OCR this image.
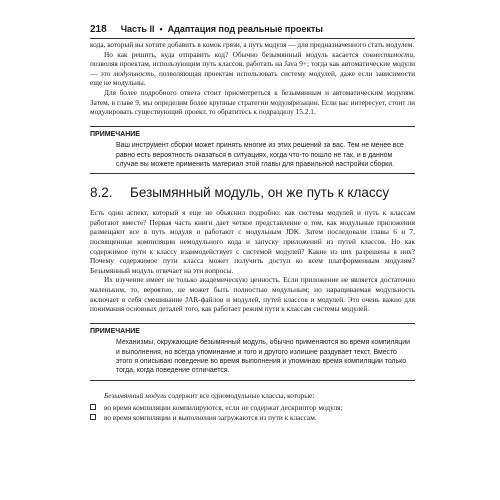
218 Часть II • Адаптация под реальные проекты

кода, который вы хотите добавить в комок грязи, а путь модуля — для предназначенного стать модулем.

Но как решить, куда отправить код? Обычно безымянный модуль касается совместимости, позволяя проектам, использующим путь классов, работать на Java 9+; тогда как автоматические модули — это модульность, позволяющая проектам использовать систему модулей, даже если зависимости еще не модульны.

Для более подробного ответа стоит присмотреться к безымянным и автоматическим модулям. Затем, в главе 9, мы определим более крупные стратегии модуляризации. Если вас интересует, стоит ли модулировать существующий проект, то обратитесь к подразделу 15.2.1.

ПРИМЕЧАНИЕ
Ваш инструмент сборки может принять многие из этих решений за вас. Тем не менее все равно есть вероятность оказаться в ситуациях, когда что-то пошло не так, и в данном случае вы можете применить материал этой главы для правильной настройки сборки.
8.2.	Безымянный модуль, он же путь к классу

Есть один аспект, который я еще не объяснил подробно: как система модулей и путь к классам работают вместе? Первая часть книги дает четкое представление о том, как модульные приложения размещают все в путь модуля и работают с модульным JDK. Затем последовали главы 6 и 7, посвященные компиляции немодульного кода и запуску приложений из путей классов. Но как содержимое пути к классу взаимодействует с системой модулей? Какие из них разрешены в них? Почему содержимое пути класса может получить доступ ко всем платформенным модулям? Безымянный модуль отвечает на эти вопросы.

Их изучение имеет не только академическую ценность. Если приложение не является достаточно маленьким, то, вероятно, не может быть полностью модульным; но наращиваемая модульность включает в себя смешивание JAR-файлов и модулей, путей классов и модулей. Это очень важно для понимания основных деталей того, как работает режим пути к классам системы модулей.

ПРИМЕЧАНИЕ
Механизмы, окружающие безымянный модуль, обычно применяются во время компиляции и выполнения, но всегда упоминание и того и другого излишне раздувает текст. Вместо этого я описываю поведение во время выполнения и упоминаю время компиляции только тогда, когда поведение отличается.

Безымянный модуль содержит все одномодульные классы, которые:

во время компиляции компилируются, если не содержат дескриптор модуля;
во время компиляции и выполнения загружаются из пути к классам.
